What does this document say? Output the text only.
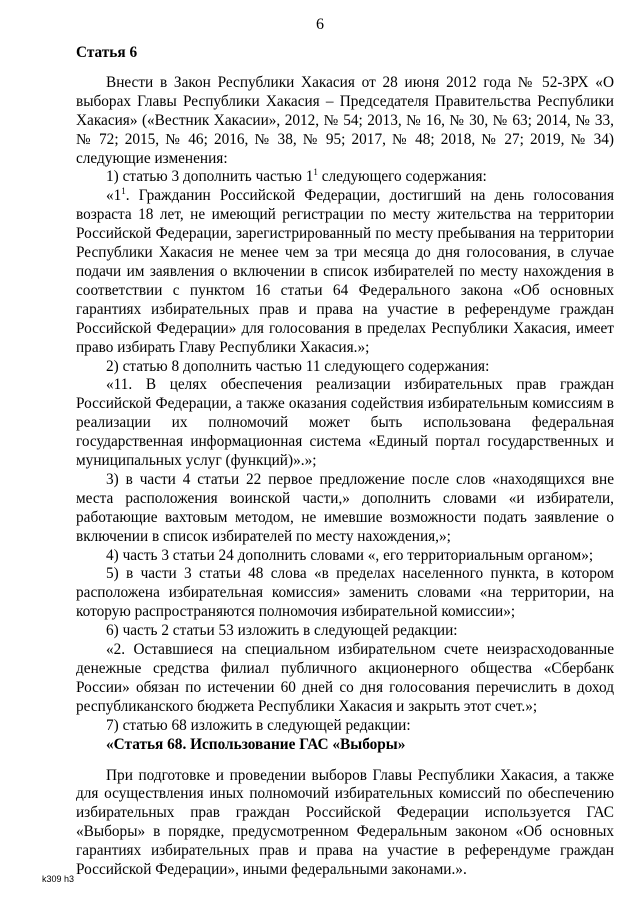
6
Статья 6

Внести в Закон Республики Хакасия от 28 июня 2012 года № 52-ЗРХ «О выборах Главы Республики Хакасия – Председателя Правительства Республики Хакасия» («Вестник Хакасии», 2012, № 54; 2013, № 16, № 30, № 63; 2014, № 33, № 72; 2015, № 46; 2016, № 38, № 95; 2017, № 48; 2018, № 27; 2019, № 34) следующие изменения:

1) статью 3 дополнить частью $1^1$ следующего содержания:

«$1^1$. Гражданин Российской Федерации, достигший на день голосования возраста 18 лет, не имеющий регистрации по месту жительства на территории Российской Федерации, зарегистрированный по месту пребывания на территории Республики Хакасия не менее чем за три месяца до дня голосования, в случае подачи им заявления о включении в список избирателей по месту нахождения в соответствии с пунктом 16 статьи 64 Федерального закона «Об основных гарантиях избирательных прав и права на участие в референдуме граждан Российской Федерации» для голосования в пределах Республики Хакасия, имеет право избирать Главу Республики Хакасия.»;

2) статью 8 дополнить частью 11 следующего содержания:

«11. В целях обеспечения реализации избирательных прав граждан Российской Федерации, а также оказания содействия избирательным комиссиям в реализации их полномочий может быть использована федеральная государственная информационная система «Единый портал государственных и муниципальных услуг (функций)».»;

3) в части 4 статьи 22 первое предложение после слов «находящихся вне места расположения воинской части,» дополнить словами «и избиратели, работающие вахтовым методом, не имевшие возможности подать заявление о включении в список избирателей по месту нахождения,»;

4) часть 3 статьи 24 дополнить словами «, его территориальным органом»;

5) в части 3 статьи 48 слова «в пределах населенного пункта, в котором расположена избирательная комиссия» заменить словами «на территории, на которую распространяются полномочия избирательной комиссии»;

6) часть 2 статьи 53 изложить в следующей редакции:

«2. Оставшиеся на специальном избирательном счете неизрасходованные денежные средства филиал публичного акционерного общества «Сбербанк России» обязан по истечении 60 дней со дня голосования перечислить в доход республиканского бюджета Республики Хакасия и закрыть этот счет.»;

7) статью 68 изложить в следующей редакции:

«Статья 68. Использование ГАС «Выборы»

При подготовке и проведении выборов Главы Республики Хакасия, а также для осуществления иных полномочий избирательных комиссий по обеспечению избирательных прав граждан Российской Федерации используется ГАС «Выборы» в порядке, предусмотренном Федеральным законом «Об основных гарантиях избирательных прав и права на участие в референдуме граждан Российской Федерации», иными федеральными законами.».

k309 h3
